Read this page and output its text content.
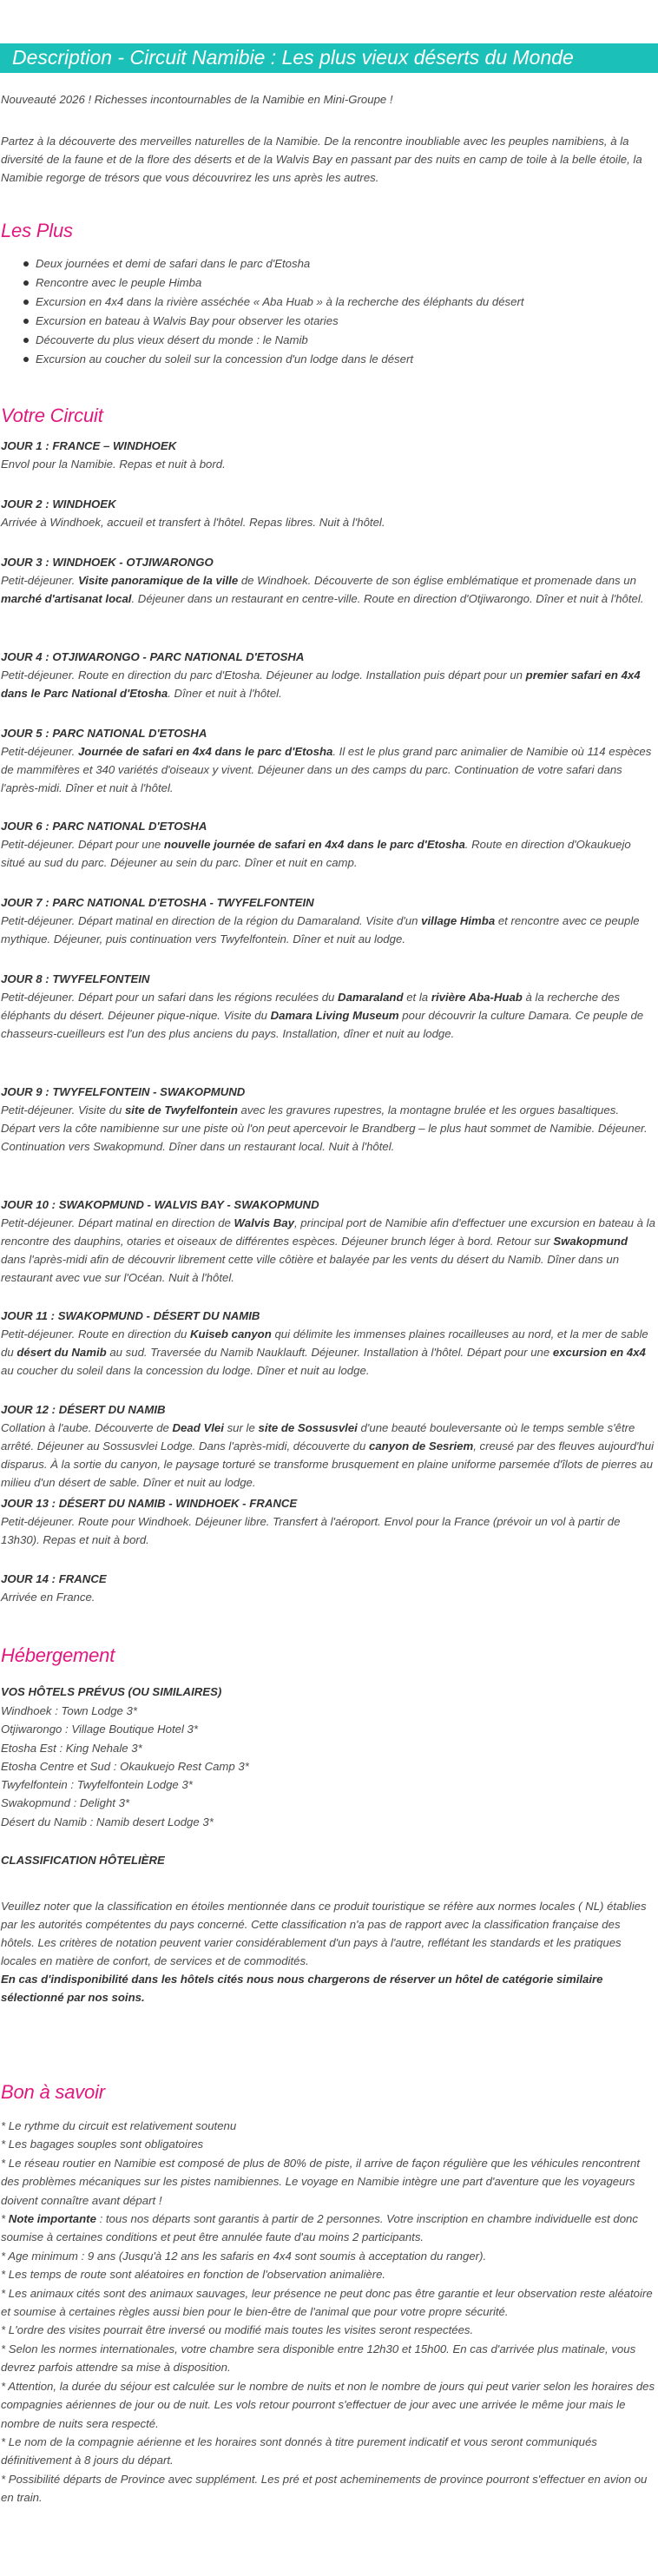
Description - Circuit Namibie : Les plus vieux déserts du Monde

Nouveauté 2026 ! Richesses incontournables de la Namibie en Mini-Groupe !

Partez à la découverte des merveilles naturelles de la Namibie. De la rencontre inoubliable avec les peuples namibiens, à la diversité de la faune et de la flore des déserts et de la Walvis Bay en passant par des nuits en camp de toile à la belle étoile, la Namibie regorge de trésors que vous découvrirez les uns après les autres.

Les Plus
Deux journées et demi de safari dans le parc d'Etosha
Rencontre avec le peuple Himba
Excursion en 4x4 dans la rivière asséchée « Aba Huab » à la recherche des éléphants du désert
Excursion en bateau à Walvis Bay pour observer les otaries
Découverte du plus vieux désert du monde : le Namib
Excursion au coucher du soleil sur la concession d'un lodge dans le désert
Votre Circuit
JOUR 1 : FRANCE – WINDHOEK
Envol pour la Namibie. Repas et nuit à bord.
JOUR 2 : WINDHOEK
Arrivée à Windhoek, accueil et transfert à l'hôtel. Repas libres. Nuit à l'hôtel.
JOUR 3 : WINDHOEK - OTJIWARONGO
Petit-déjeuner. Visite panoramique de la ville de Windhoek. Découverte de son église emblématique et promenade dans un marché d'artisanat local. Déjeuner dans un restaurant en centre-ville. Route en direction d'Otjiwarongo. Dîner et nuit à l'hôtel.
JOUR 4 : OTJIWARONGO - PARC NATIONAL D'ETOSHA
Petit-déjeuner. Route en direction du parc d'Etosha. Déjeuner au lodge. Installation puis départ pour un premier safari en 4x4 dans le Parc National d'Etosha. Dîner et nuit à l'hôtel.
JOUR 5 : PARC NATIONAL D'ETOSHA
Petit-déjeuner. Journée de safari en 4x4 dans le parc d'Etosha. Il est le plus grand parc animalier de Namibie où 114 espèces de mammifères et 340 variétés d'oiseaux y vivent. Déjeuner dans un des camps du parc. Continuation de votre safari dans l'après-midi. Dîner et nuit à l'hôtel.
JOUR 6 : PARC NATIONAL D'ETOSHA
Petit-déjeuner. Départ pour une nouvelle journée de safari en 4x4 dans le parc d'Etosha. Route en direction d'Okaukuejo situé au sud du parc. Déjeuner au sein du parc. Dîner et nuit en camp.
JOUR 7 : PARC NATIONAL D'ETOSHA - TWYFELFONTEIN
Petit-déjeuner. Départ matinal en direction de la région du Damaraland. Visite d'un village Himba et rencontre avec ce peuple mythique. Déjeuner, puis continuation vers Twyfelfontein. Dîner et nuit au lodge.
JOUR 8 : TWYFELFONTEIN
Petit-déjeuner. Départ pour un safari dans les régions reculées du Damaraland et la rivière Aba-Huab à la recherche des éléphants du désert. Déjeuner pique-nique. Visite du Damara Living Museum pour découvrir la culture Damara. Ce peuple de chasseurs-cueilleurs est l'un des plus anciens du pays. Installation, dîner et nuit au lodge.
JOUR 9 : TWYFELFONTEIN - SWAKOPMUND
Petit-déjeuner. Visite du site de Twyfelfontein avec les gravures rupestres, la montagne brulée et les orgues basaltiques. Départ vers la côte namibienne sur une piste où l'on peut apercevoir le Brandberg – le plus haut sommet de Namibie. Déjeuner. Continuation vers Swakopmund. Dîner dans un restaurant local. Nuit à l'hôtel.
JOUR 10 : SWAKOPMUND - WALVIS BAY - SWAKOPMUND
Petit-déjeuner. Départ matinal en direction de Walvis Bay, principal port de Namibie afin d'effectuer une excursion en bateau à la rencontre des dauphins, otaries et oiseaux de différentes espèces. Déjeuner brunch léger à bord. Retour sur Swakopmund dans l'après-midi afin de découvrir librement cette ville côtière et balayée par les vents du désert du Namib. Dîner dans un restaurant avec vue sur l'Océan. Nuit à l'hôtel.
JOUR 11 : SWAKOPMUND - DÉSERT DU NAMIB
Petit-déjeuner. Route en direction du Kuiseb canyon qui délimite les immenses plaines rocailleuses au nord, et la mer de sable du désert du Namib au sud. Traversée du Namib Nauklauft. Déjeuner. Installation à l'hôtel. Départ pour une excursion en 4x4 au coucher du soleil dans la concession du lodge. Dîner et nuit au lodge.
JOUR 12 : DÉSERT DU NAMIB
Collation à l'aube. Découverte de Dead Vlei sur le site de Sossusvlei d'une beauté bouleversante où le temps semble s'être arrêté. Déjeuner au Sossusvlei Lodge. Dans l'après-midi, découverte du canyon de Sesriem, creusé par des fleuves aujourd'hui disparus. À la sortie du canyon, le paysage torturé se transforme brusquement en plaine uniforme parsemée d'îlots de pierres au milieu d'un désert de sable. Dîner et nuit au lodge.
JOUR 13 : DÉSERT DU NAMIB - WINDHOEK - FRANCE
Petit-déjeuner. Route pour Windhoek. Déjeuner libre. Transfert à l'aéroport. Envol pour la France (prévoir un vol à partir de 13h30). Repas et nuit à bord.
JOUR 14 : FRANCE
Arrivée en France.
Hébergement
VOS HÔTELS PRÉVUS (OU SIMILAIRES)
Windhoek : Town Lodge 3*
Otjiwarongo : Village Boutique Hotel 3*
Etosha Est : King Nehale 3*
Etosha Centre et Sud : Okaukuejo Rest Camp 3*
Twyfelfontein : Twyfelfontein Lodge 3*
Swakopmund : Delight 3*
Désert du Namib : Namib desert Lodge 3*
CLASSIFICATION HÔTELIÈRE

Veuillez noter que la classification en étoiles mentionnée dans ce produit touristique se réfère aux normes locales ( NL) établies par les autorités compétentes du pays concerné. Cette classification n'a pas de rapport avec la classification française des hôtels. Les critères de notation peuvent varier considérablement d'un pays à l'autre, reflétant les standards et les pratiques locales en matière de confort, de services et de commodités.

En cas d'indisponibilité dans les hôtels cités nous nous chargerons de réserver un hôtel de catégorie similaire sélectionné par nos soins.

Bon à savoir
* Le rythme du circuit est relativement soutenu
* Les bagages souples sont obligatoires
* Le réseau routier en Namibie est composé de plus de 80% de piste, il arrive de façon régulière que les véhicules rencontrent des problèmes mécaniques sur les pistes namibiennes. Le voyage en Namibie intègre une part d'aventure que les voyageurs doivent connaître avant départ !
* Note importante : tous nos départs sont garantis à partir de 2 personnes. Votre inscription en chambre individuelle est donc soumise à certaines conditions et peut être annulée faute d'au moins 2 participants.
* Age minimum : 9 ans (Jusqu'à 12 ans les safaris en 4x4 sont soumis à acceptation du ranger).
* Les temps de route sont aléatoires en fonction de l'observation animalière.
* Les animaux cités sont des animaux sauvages, leur présence ne peut donc pas être garantie et leur observation reste aléatoire et soumise à certaines règles aussi bien pour le bien-être de l'animal que pour votre propre sécurité.
* L'ordre des visites pourrait être inversé ou modifié mais toutes les visites seront respectées.
* Selon les normes internationales, votre chambre sera disponible entre 12h30 et 15h00. En cas d'arrivée plus matinale, vous devrez parfois attendre sa mise à disposition.
* Attention, la durée du séjour est calculée sur le nombre de nuits et non le nombre de jours qui peut varier selon les horaires des compagnies aériennes de jour ou de nuit. Les vols retour pourront s'effectuer de jour avec une arrivée le même jour mais le nombre de nuits sera respecté.
* Le nom de la compagnie aérienne et les horaires sont donnés à titre purement indicatif et vous seront communiqués définitivement à 8 jours du départ.
* Possibilité départs de Province avec supplément. Les pré et post acheminements de province pourront s'effectuer en avion ou en train.
